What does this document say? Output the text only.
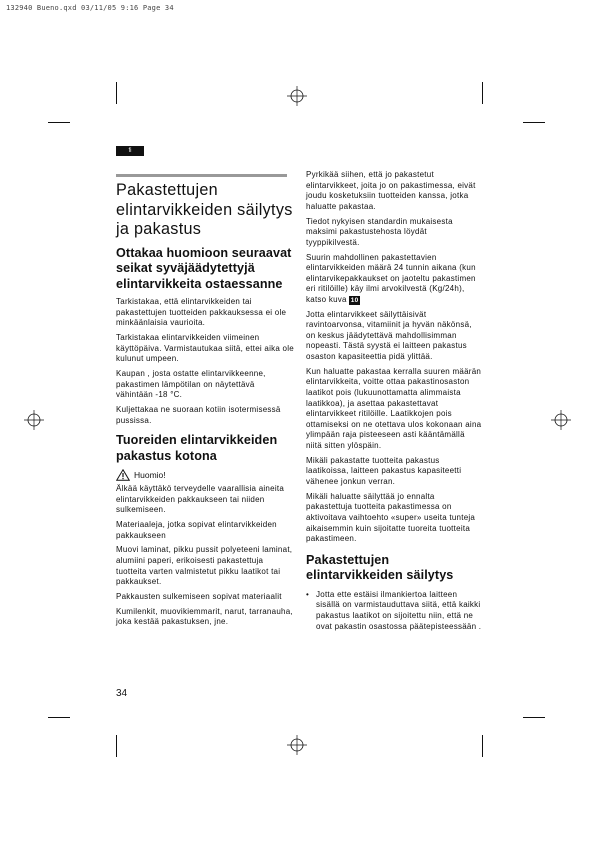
132940 Bueno.qxd 03/11/05 9:16 Page 34
fi
Pakastettujen elintarvikkeiden säilytys ja pakastus
Ottakaa huomioon seuraavat seikat syväjäädytettyjä elintarvikkeita ostaessanne

Tarkistakaa, että elintarvikkeiden tai pakastettujen tuotteiden pakkauksessa ei ole minkäänlaisia vaurioita.

Tarkistakaa elintarvikkeiden viimeinen käyttöpäiva. Varmistautukaa siitä, ettei aika ole kulunut umpeen.

Kaupan , josta ostatte elintarvikkeenne, pakastimen lämpötilan on näytettävä vähintään -18 °C.

Kuljettakaa ne suoraan kotiin isotermisessä pussissa.

Tuoreiden elintarvikkeiden pakastus kotona
Huomio!

Älkää käyttäkö terveydelle vaarallisia aineita elintarvikkeiden pakkaukseen tai niiden sulkemiseen.

Materiaaleja, jotka sopivat elintarvikkeiden pakkaukseen

Muovi laminat, pikku pussit polyeteeni laminat, alumiini paperi, erikoisesti pakastettuja tuotteita varten valmistetut pikku laatikot tai pakkaukset.

Pakkausten sulkemiseen sopivat materiaalit

Kumilenkit, muovikiemmarit, narut, tarranauha, joka kestää pakastuksen, jne.

Pyrkikää siihen, että jo pakastetut elintarvikkeet, joita jo on pakastimessa, eivät joudu kosketuksiin tuotteiden kanssa, jotka haluatte pakastaa.

Tiedot nykyisen standardin mukaisesta maksimi pakastustehosta löydät tyyppikilvestä.

Suurin mahdollinen pakastettavien elintarvikkeiden määrä 24 tunnin aikana (kun elintarvikepakkaukset on jaoteltu pakastimen eri ritilöille) käy ilmi arvokilvestä (Kg/24h),
katso kuva 10

Jotta elintarvikkeet säilyttäisivät ravintoarvonsa, vitamiinit ja hyvän näkönsä, on keskus jäädytettävä mahdollisimman nopeasti. Tästä syystä ei laitteen pakastus osaston kapasiteettia pidä ylittää.

Kun haluatte pakastaa kerralla suuren määrän elintarvikkeita, voitte ottaa pakastinosaston laatikot pois (lukuunottamatta alimmaista laatikkoa), ja asettaa pakastettavat elintarvikkeet ritilöille. Laatikkojen pois ottamiseksi on ne otettava ulos kokonaan aina ylimpään raja pisteeseen asti kääntämällä niitä sitten ylöspäin.

Mikäli pakastatte tuotteita pakastus laatikoissa, laitteen pakastus kapasiteetti vähenee jonkun verran.

Mikäli haluatte säilyttää jo ennalta pakastettuja tuotteita pakastimessa on aktivoitava vaihtoehto «super» useita tunteja aikaisemmin kuin sijoitatte tuoreita tuotteita pakastimeen.

Pakastettujen elintarvikkeiden säilytys
• Jotta ette estäisi ilmankiertoa laitteen sisällä on varmistauduttava siitä, että kaikki pakastus laatikot on sijoitettu niin, että ne ovat pakastin osastossa päätepisteessään .
34
